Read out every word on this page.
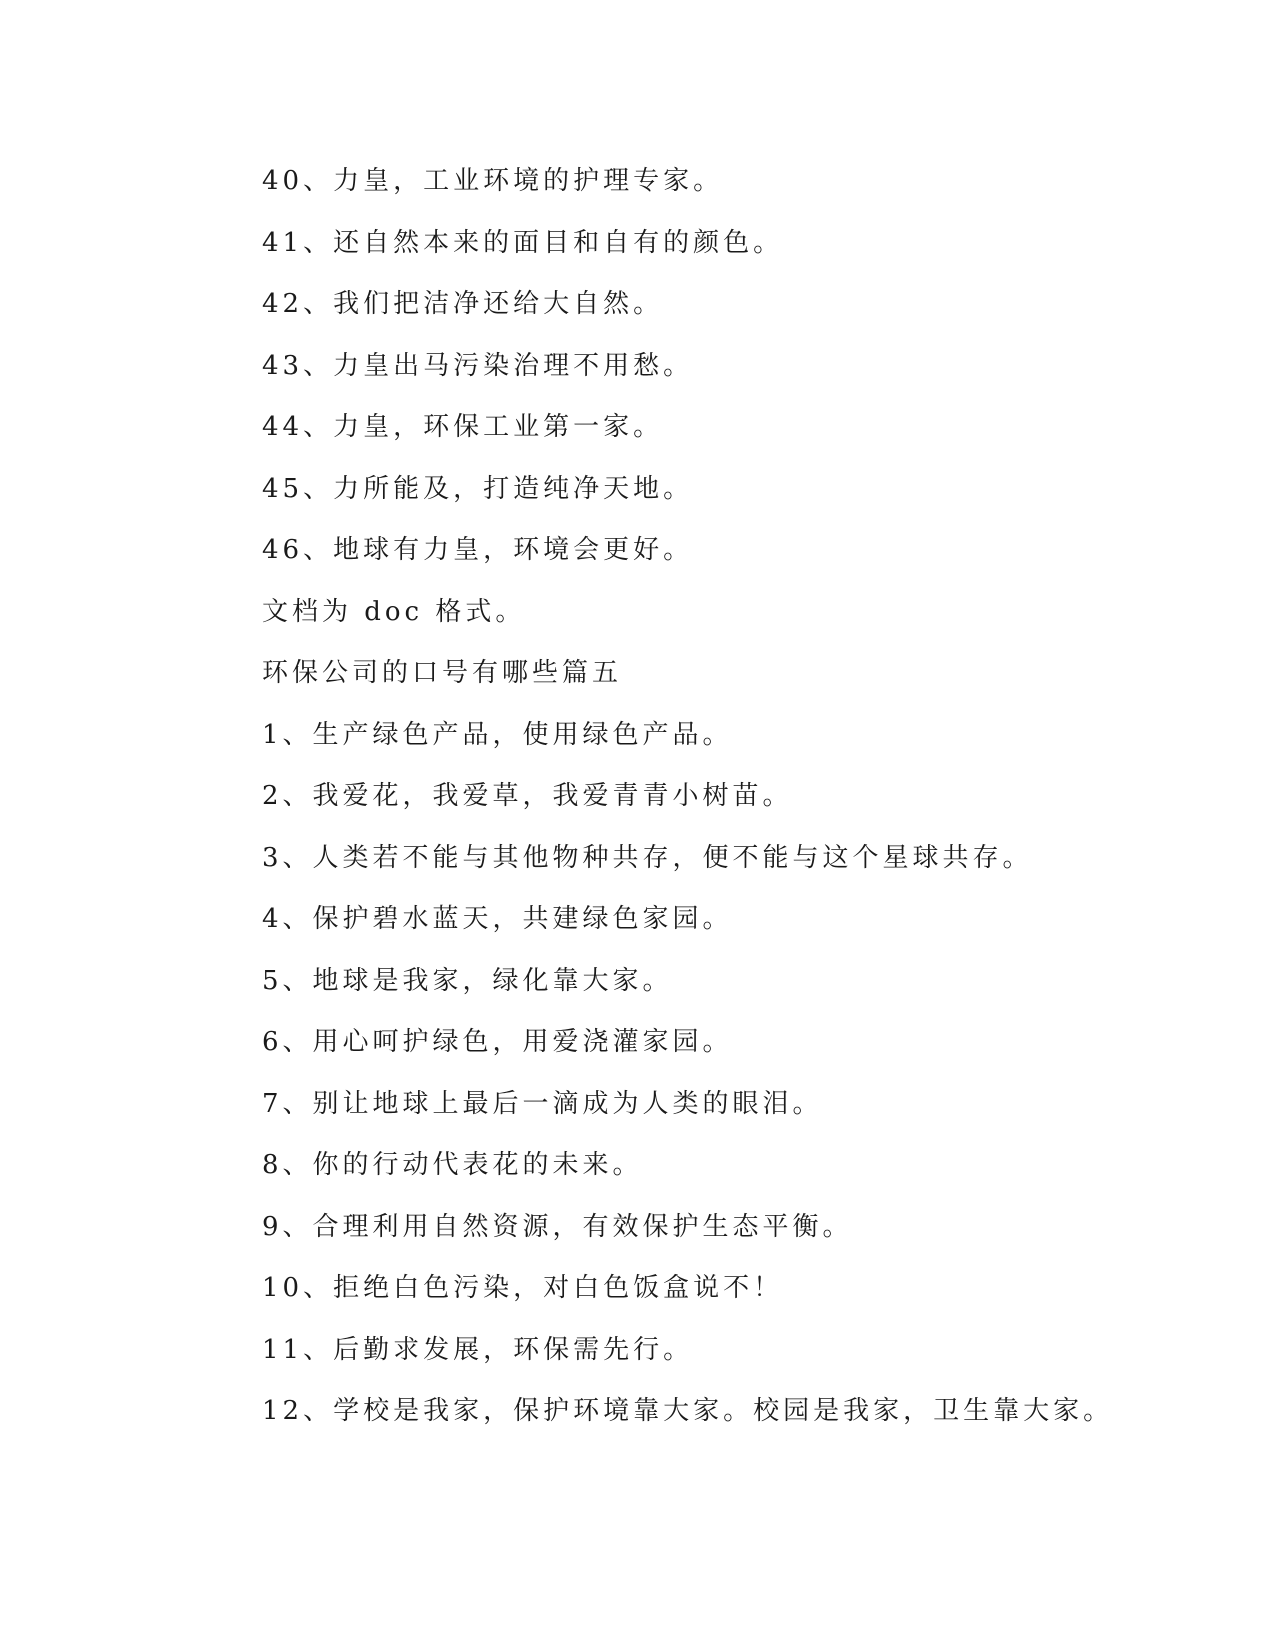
40、力皇，工业环境的护理专家。
41、还自然本来的面目和自有的颜色。
42、我们把洁净还给大自然。
43、力皇出马污染治理不用愁。
44、力皇，环保工业第一家。
45、力所能及，打造纯净天地。
46、地球有力皇，环境会更好。
文档为 doc 格式。
环保公司的口号有哪些篇五
1、生产绿色产品，使用绿色产品。
2、我爱花，我爱草，我爱青青小树苗。
3、人类若不能与其他物种共存，便不能与这个星球共存。
4、保护碧水蓝天，共建绿色家园。
5、地球是我家，绿化靠大家。
6、用心呵护绿色，用爱浇灌家园。
7、别让地球上最后一滴成为人类的眼泪。
8、你的行动代表花的未来。
9、合理利用自然资源，有效保护生态平衡。
10、拒绝白色污染，对白色饭盒说不！
11、后勤求发展，环保需先行。
12、学校是我家，保护环境靠大家。校园是我家，卫生靠大家。
